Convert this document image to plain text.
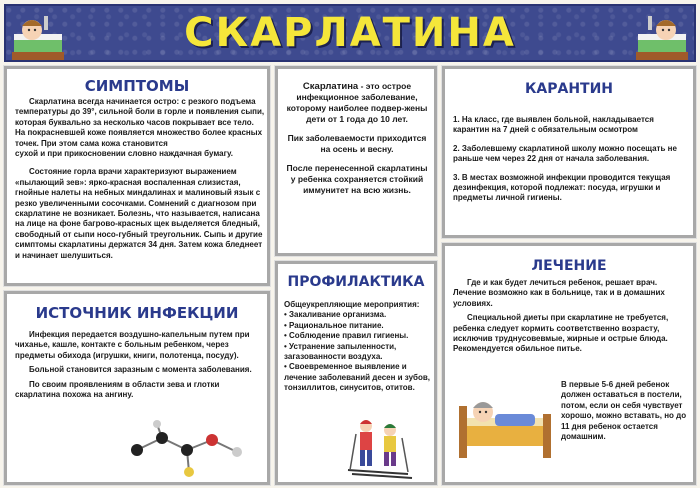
СКАРЛАТИНА
СИМПТОМЫ

Скарлатина всегда начинается остро: с резкого подъема температуры до 39°, сильной боли в горле и появления сыпи, которая буквально за несколько часов покрывает все тело. На покрасневшей коже появляется множество более красных точек. При этом сама кожа становится

сухой и при прикосновении словно наждачная бумагу.

Состояние горла врачи характеризуют выражением «пылающий зев»: ярко-красная воспаленная слизистая, гнойные налеты на небных миндалинах и малиновый язык с резко увеличенными сосочками. Сомнений с диагнозом при скарлатине не возникает. Болезнь, что называется, написана на лице на фоне багрово-красных щек выделяется бледный, свободный от сыпи носо-губный треугольник. Сыпь и другие симптомы скарлатины держатся 34 дня. Затем кожа бледнеет и начинает шелушиться.

Скарлатина - это острое инфекционное заболевание, которому наиболее подвер-жены дети от 1 года до 10 лет.

Пик заболеваемости приходится на осень и весну.

После перенесенной скарлатины у ребенка сохраняется стойкий иммунитет на всю жизнь.

КАРАНТИН

1. На класс, где выявлен больной, накладывается карантин на 7 дней с обязательным осмотром

2. Заболевшему скарлатиной школу можно посещать не раньше чем через 22 дня от начала заболевания.

3. В местах возможной инфекции проводится текущая дезинфекция, которой подлежат: посуда, игрушки и предметы личной гигиены.

ИСТОЧНИК ИНФЕКЦИИ

Инфекция передается воздушно-капельным путем при чиханье, кашле, контакте с больным ребенком, через предметы обихода (игрушки, книги, полотенца, посуду).

Больной становится заразным с момента заболевания.

По своим проявлениям в области зева и глотки скарлатина похожа на ангину.

ПРОФИЛАКТИКА

Общеукрепляющие мероприятия:

• Закаливание организма.

• Рациональное питание.

• Соблюдение правил гигиены.

• Устранение запыленности, загазованности воздуха.

• Своевременное выявление и лечение заболеваний десен и зубов, тонзиллитов, синуситов, отитов.

ЛЕЧЕНИЕ

Где и как будет лечиться ребенок, решает врач. Лечение возможно как в больнице, так и в домашних условиях.

Специальной диеты при скарлатине не требуется, ребенка следует кормить соответственно возрасту, исключив труднусовевмые, жирные и острые блюда. Рекомендуется обильное питье.

В первые 5-6 дней ребенок должен оставаться в постели, потом, если он себя чувствует хорошо, можно вставать, но до 11 дня ребенок остается домашним.
